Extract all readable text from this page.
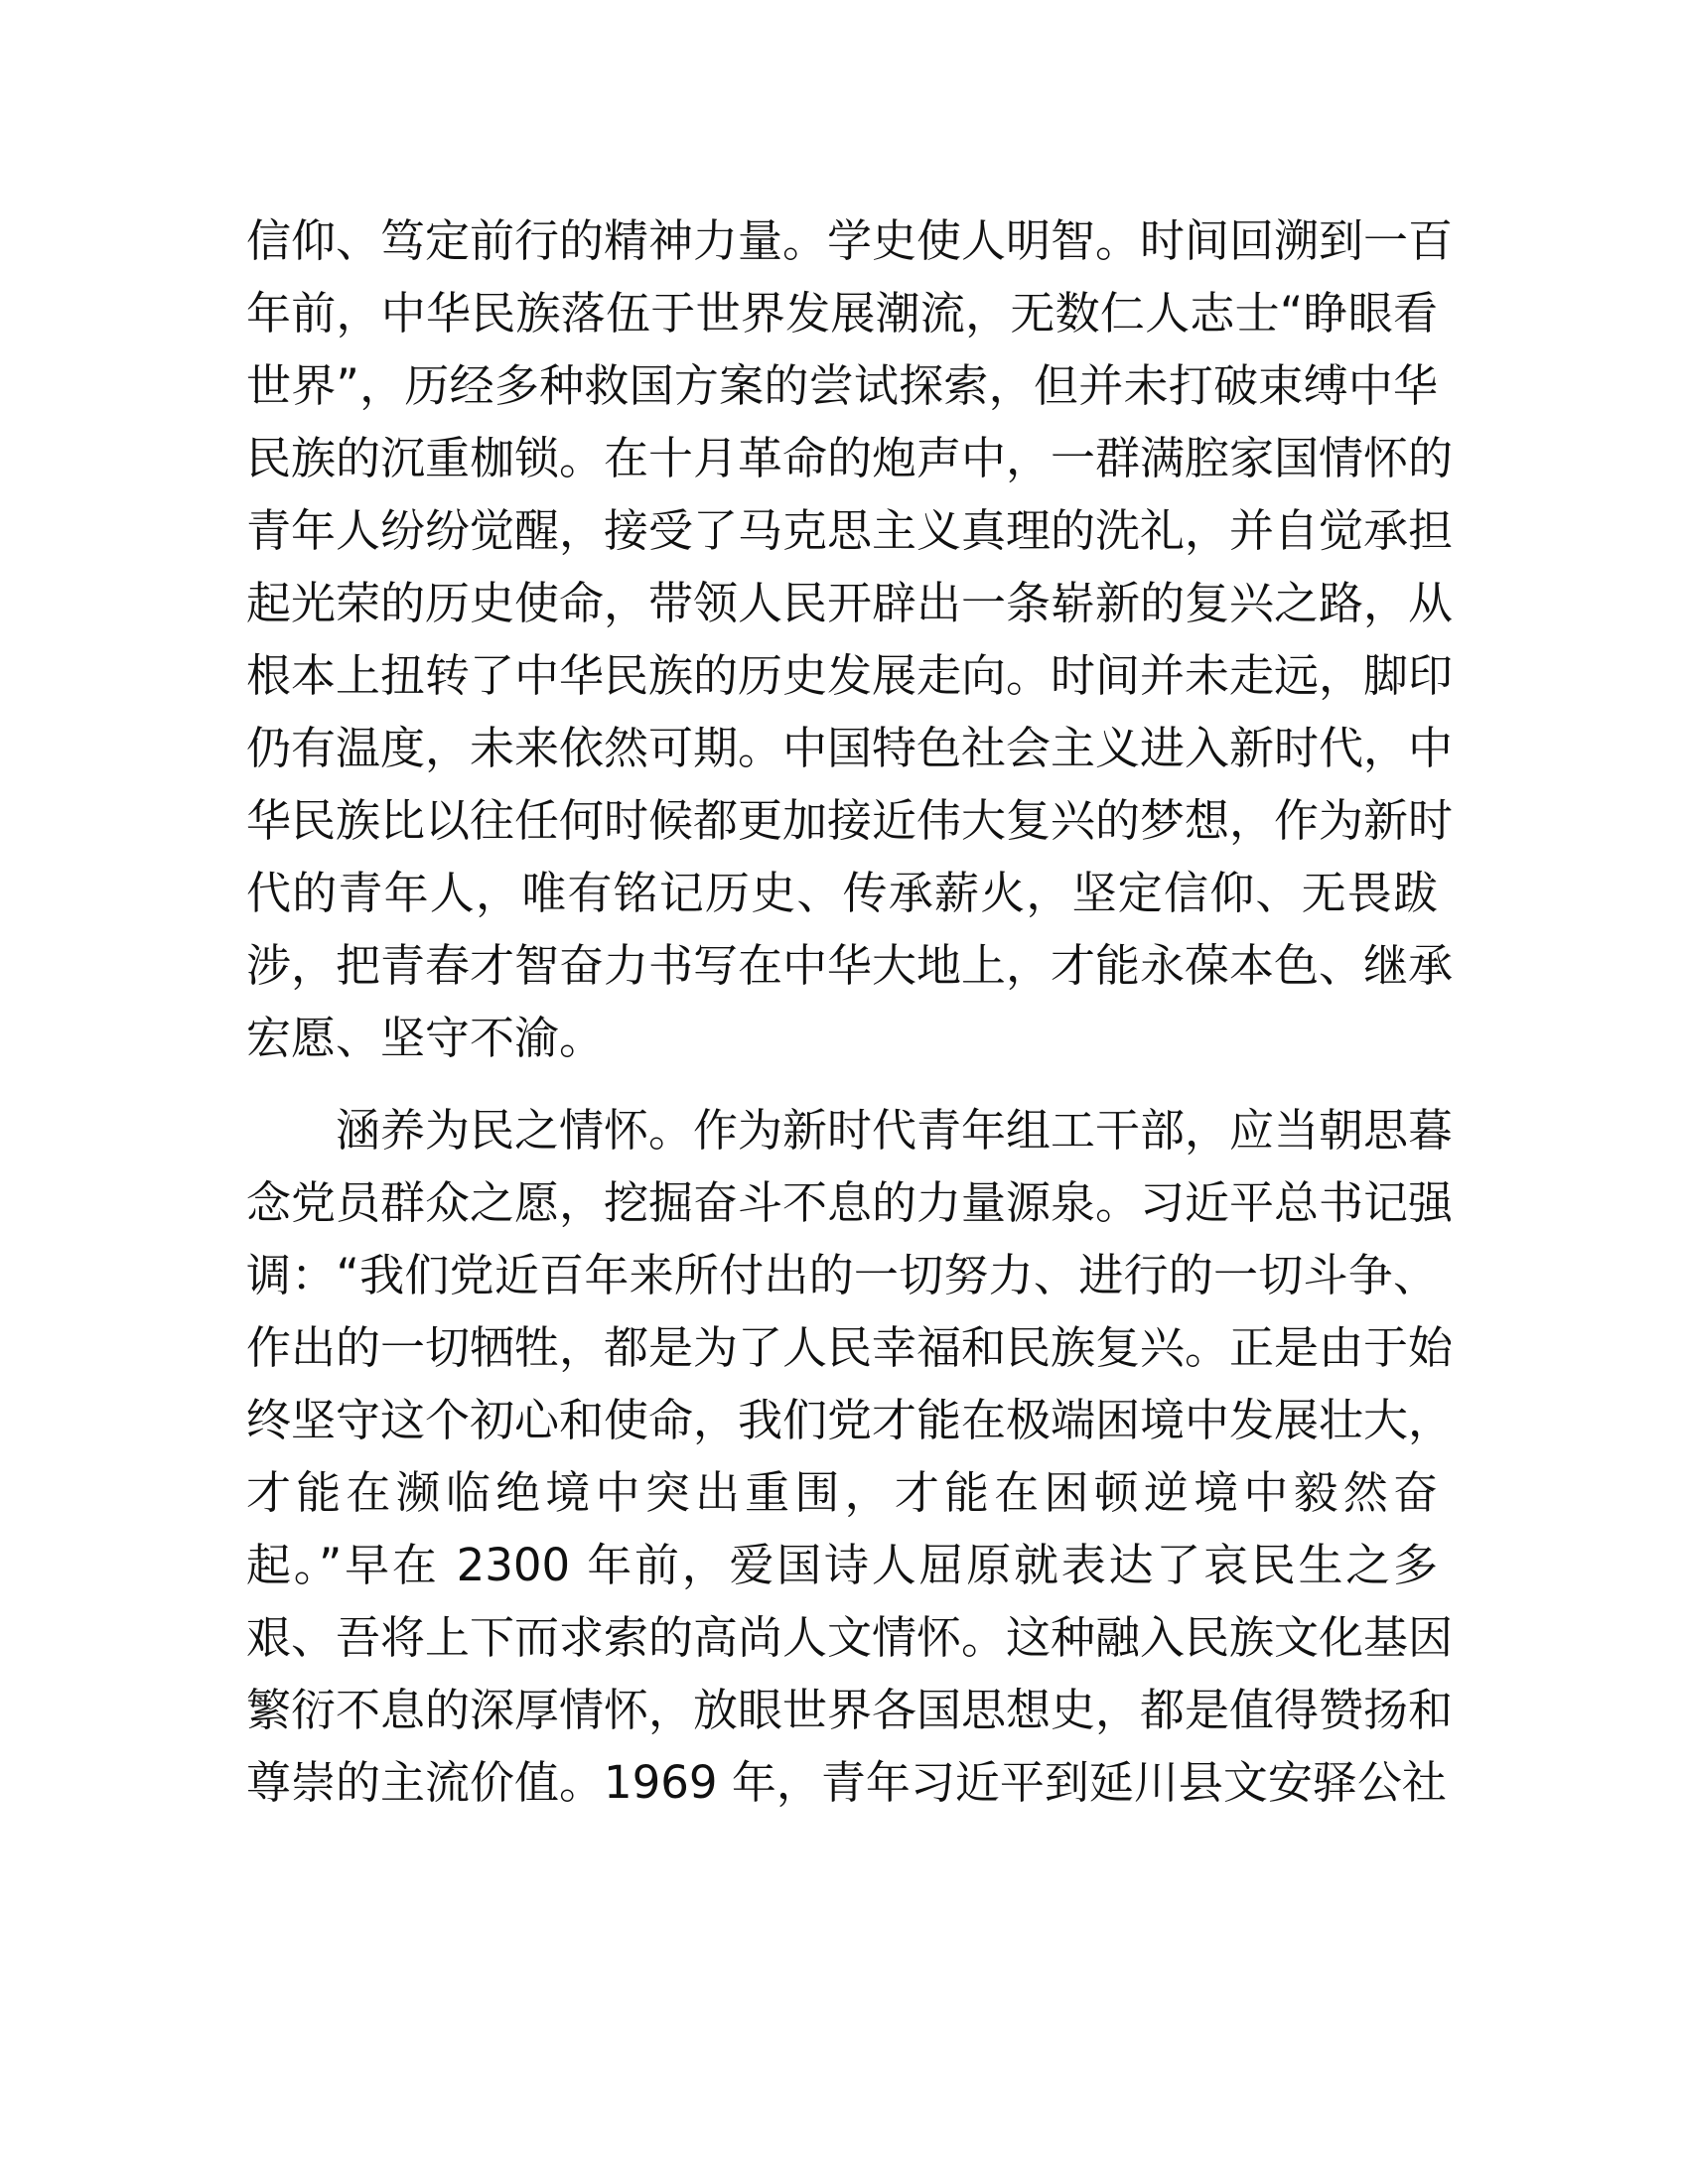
信仰、笃定前行的精神力量。学史使人明智。时间回溯到一百
年前，中华民族落伍于世界发展潮流，无数仁人志士“睁眼看
世界”，历经多种救国方案的尝试探索，但并未打破束缚中华
民族的沉重枷锁。在十月革命的炮声中，一群满腔家国情怀的
青年人纷纷觉醒，接受了马克思主义真理的洗礼，并自觉承担
起光荣的历史使命，带领人民开辟出一条崭新的复兴之路，从
根本上扭转了中华民族的历史发展走向。时间并未走远，脚印
仍有温度，未来依然可期。中国特色社会主义进入新时代，中
华民族比以往任何时候都更加接近伟大复兴的梦想，作为新时
代的青年人，唯有铭记历史、传承薪火，坚定信仰、无畏跋
涉，把青春才智奋力书写在中华大地上，才能永葆本色、继承
宏愿、坚守不渝。
涵养为民之情怀。作为新时代青年组工干部，应当朝思暮
念党员群众之愿，挖掘奋斗不息的力量源泉。习近平总书记强
调：“我们党近百年来所付出的一切努力、进行的一切斗争、
作出的一切牺牲，都是为了人民幸福和民族复兴。正是由于始
终坚守这个初心和使命，我们党才能在极端困境中发展壮大，
才能在濒临绝境中突出重围，才能在困顿逆境中毅然奋
起。”早在 2300 年前，爱国诗人屈原就表达了哀民生之多
艰、吾将上下而求索的高尚人文情怀。这种融入民族文化基因
繁衍不息的深厚情怀，放眼世界各国思想史，都是值得赞扬和
尊崇的主流价值。1969 年，青年习近平到延川县文安驿公社
